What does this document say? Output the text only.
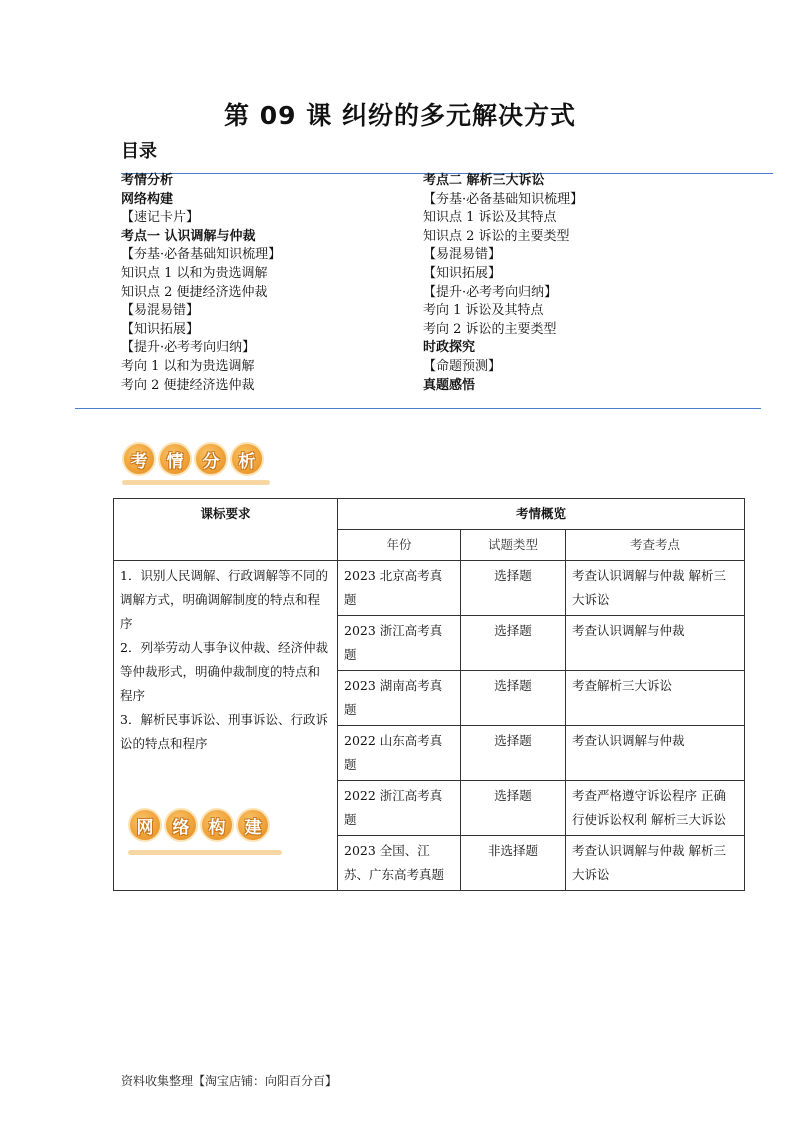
第 09 课 纠纷的多元解决方式
目录
考情分析
网络构建
【速记卡片】
考点一 认识调解与仲裁
【夯基·必备基础知识梳理】
知识点 1 以和为贵选调解
知识点 2 便捷经济选仲裁
【易混易错】
【知识拓展】
【提升·必考考向归纳】
考向 1 以和为贵选调解
考向 2 便捷经济选仲裁
考点二 解析三大诉讼
【夯基·必备基础知识梳理】
知识点 1 诉讼及其特点
知识点 2 诉讼的主要类型
【易混易错】
【知识拓展】
【提升·必考考向归纳】
考向 1 诉讼及其特点
考向 2 诉讼的主要类型
时政探究
【命题预测】
真题感悟
考	情	分	析
课标要求	考情概览		
	年份	试题类型	考查考点

1．识别人民调解、行政调解等不同的调解方式，明确调解制度的特点和程序
2．列举劳动人事争议仲裁、经济仲裁等仲裁形式，明确仲裁制度的特点和程序
3．解析民事诉讼、刑事诉讼、行政诉讼的特点和程序	2023 北京高考真题	选择题	考查认识调解与仲裁 解析三大诉讼
	2023 浙江高考真题	选择题	考查认识调解与仲裁
	2023 湖南高考真题	选择题	考查解析三大诉讼
	2022 山东高考真题	选择题	考查认识调解与仲裁
	2022 浙江高考真题	选择题	考查严格遵守诉讼程序 正确行使诉讼权利 解析三大诉讼
	2023 全国、江苏、广东高考真题	非选择题	考查认识调解与仲裁 解析三大诉讼
网	络	构	建
资料收集整理【淘宝店铺：向阳百分百】
